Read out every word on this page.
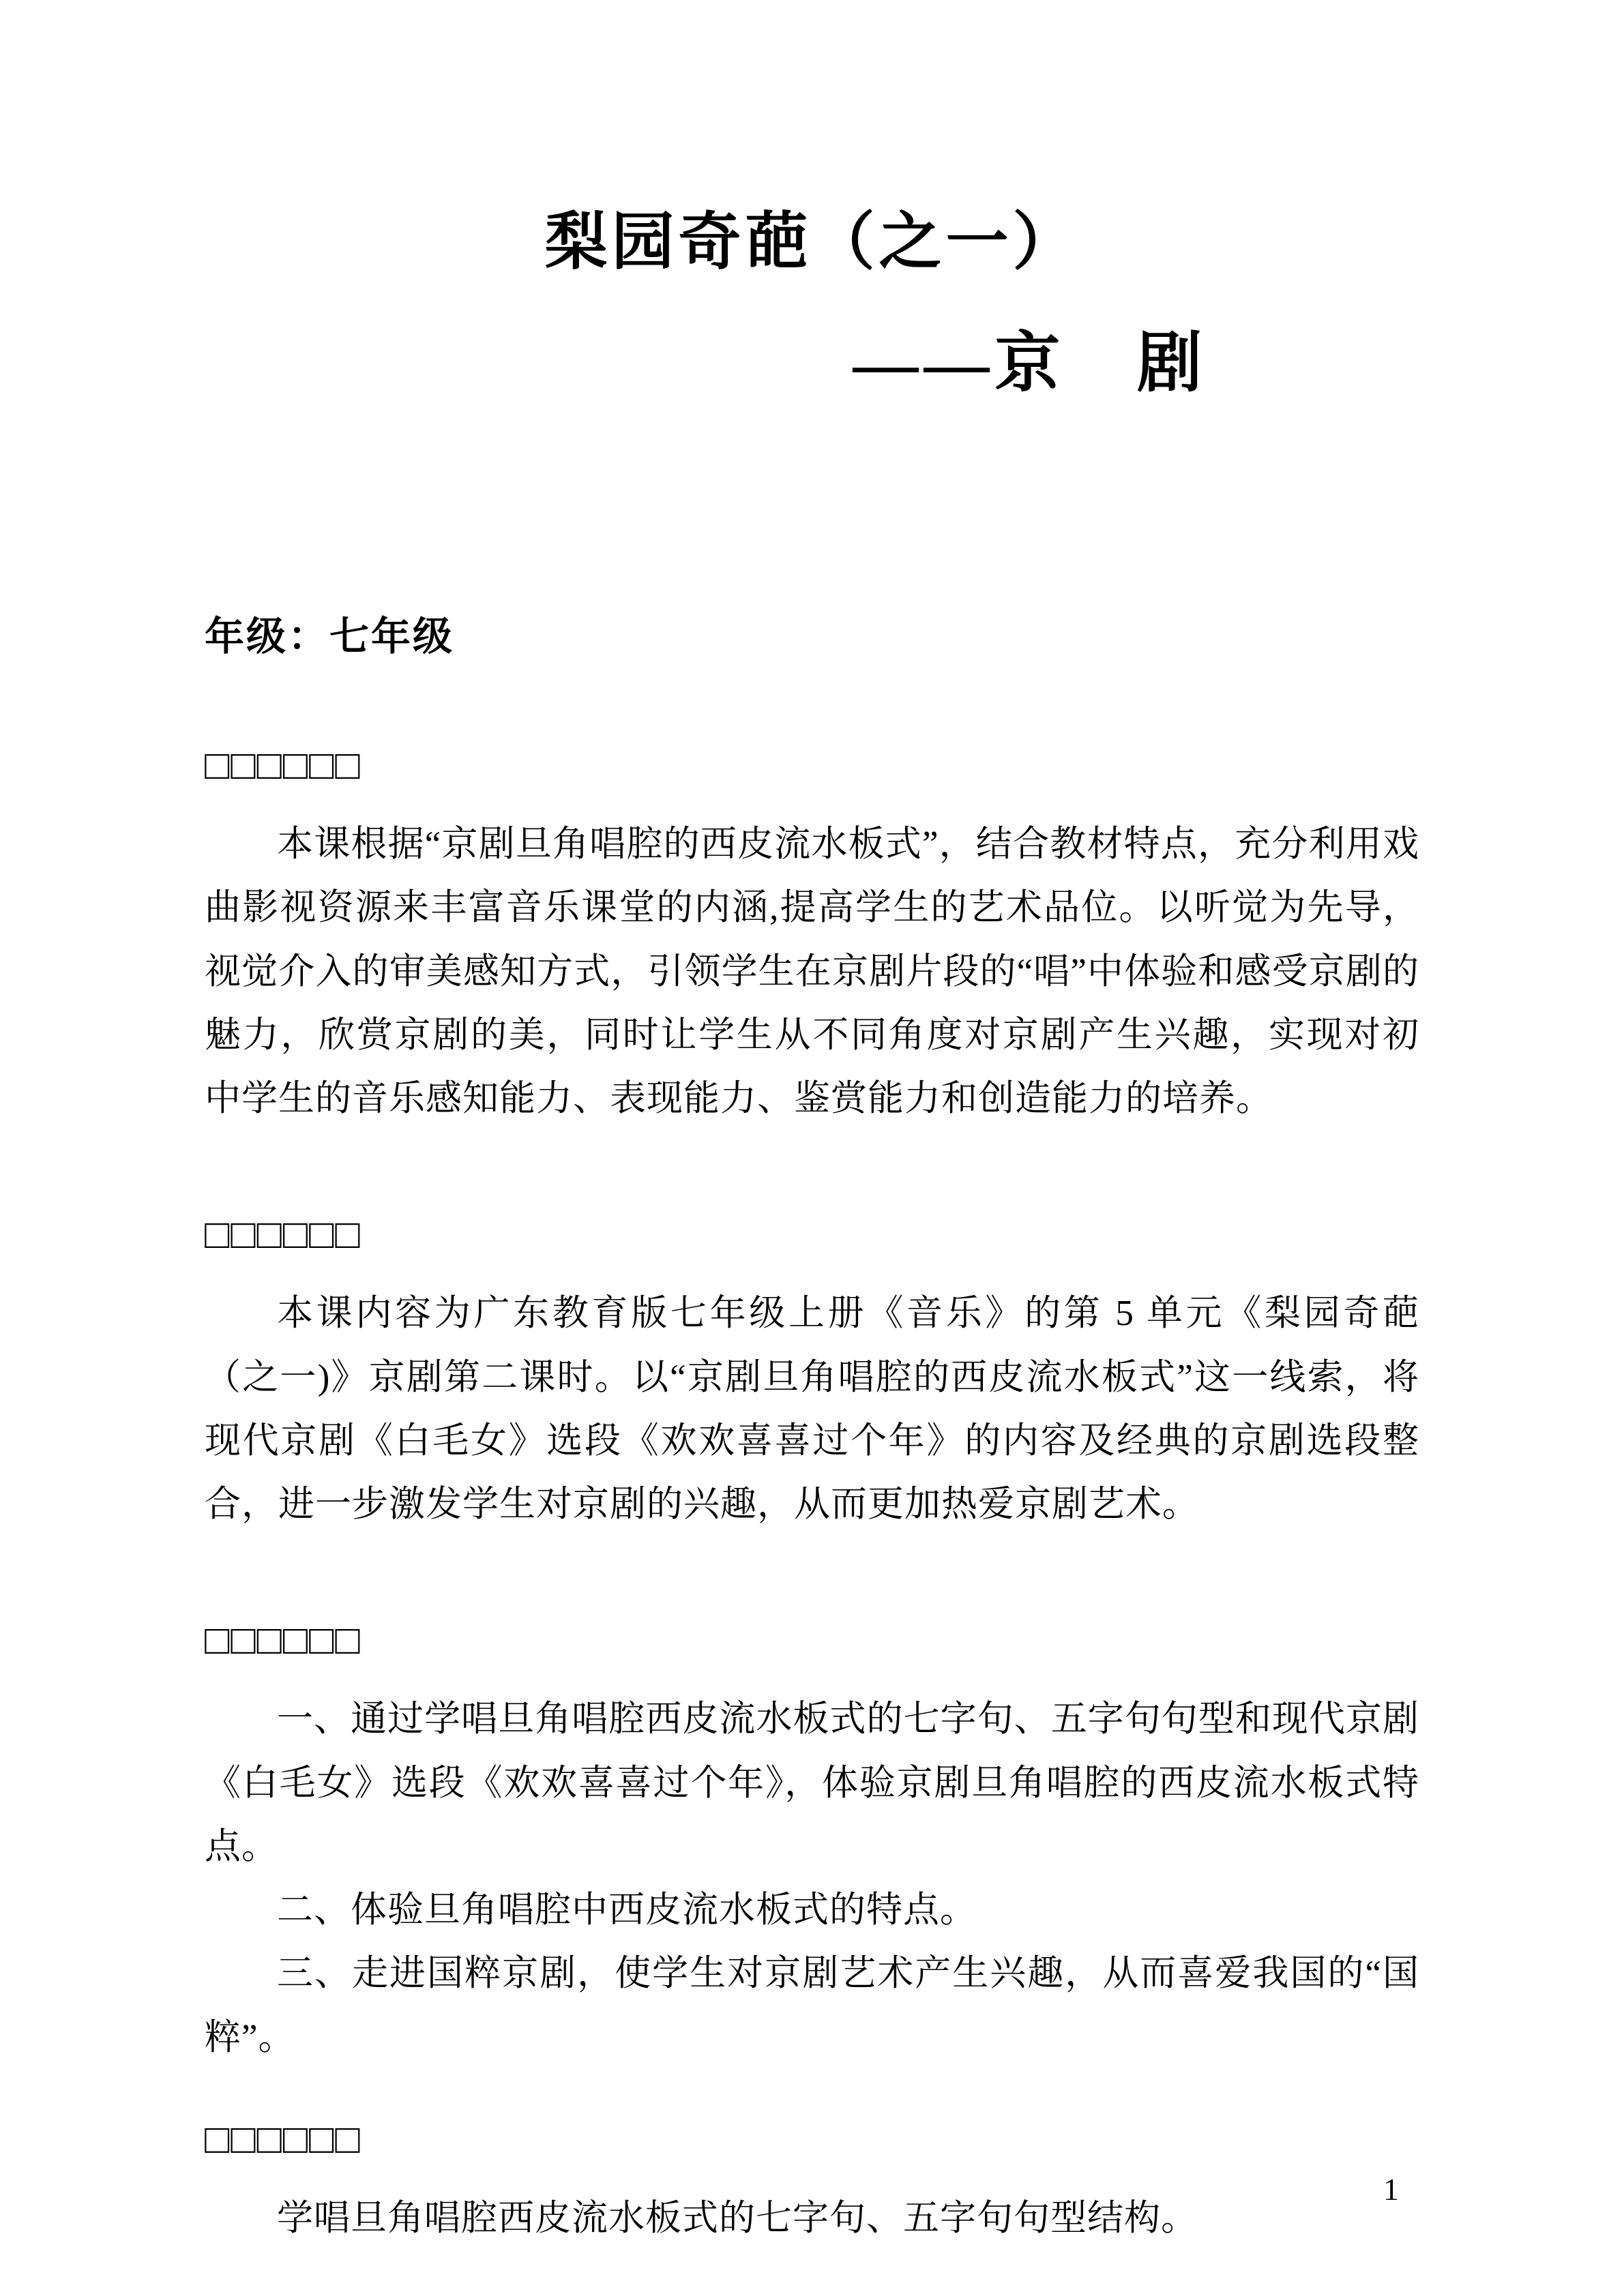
梨园奇葩（之一）
——京　剧
年级：七年级
□□□□□□

本课根据“京剧旦角唱腔的西皮流水板式”，结合教材特点，充分利用戏曲影视资源来丰富音乐课堂的内涵,提高学生的艺术品位。以听觉为先导，视觉介入的审美感知方式，引领学生在京剧片段的“唱”中体验和感受京剧的魅力，欣赏京剧的美，同时让学生从不同角度对京剧产生兴趣，实现对初中学生的音乐感知能力、表现能力、鉴赏能力和创造能力的培养。

□□□□□□

本课内容为广东教育版七年级上册《音乐》的第 5 单元《梨园奇葩（之一)》京剧第二课时。以“京剧旦角唱腔的西皮流水板式”这一线索，将现代京剧《白毛女》选段《欢欢喜喜过个年》的内容及经典的京剧选段整合，进一步激发学生对京剧的兴趣，从而更加热爱京剧艺术。

□□□□□□

一、通过学唱旦角唱腔西皮流水板式的七字句、五字句句型和现代京剧《白毛女》选段《欢欢喜喜过个年》，体验京剧旦角唱腔的西皮流水板式特点。

二、体验旦角唱腔中西皮流水板式的特点。

三、走进国粹京剧，使学生对京剧艺术产生兴趣，从而喜爱我国的“国粹”。

□□□□□□

学唱旦角唱腔西皮流水板式的七字句、五字句句型结构。

1
